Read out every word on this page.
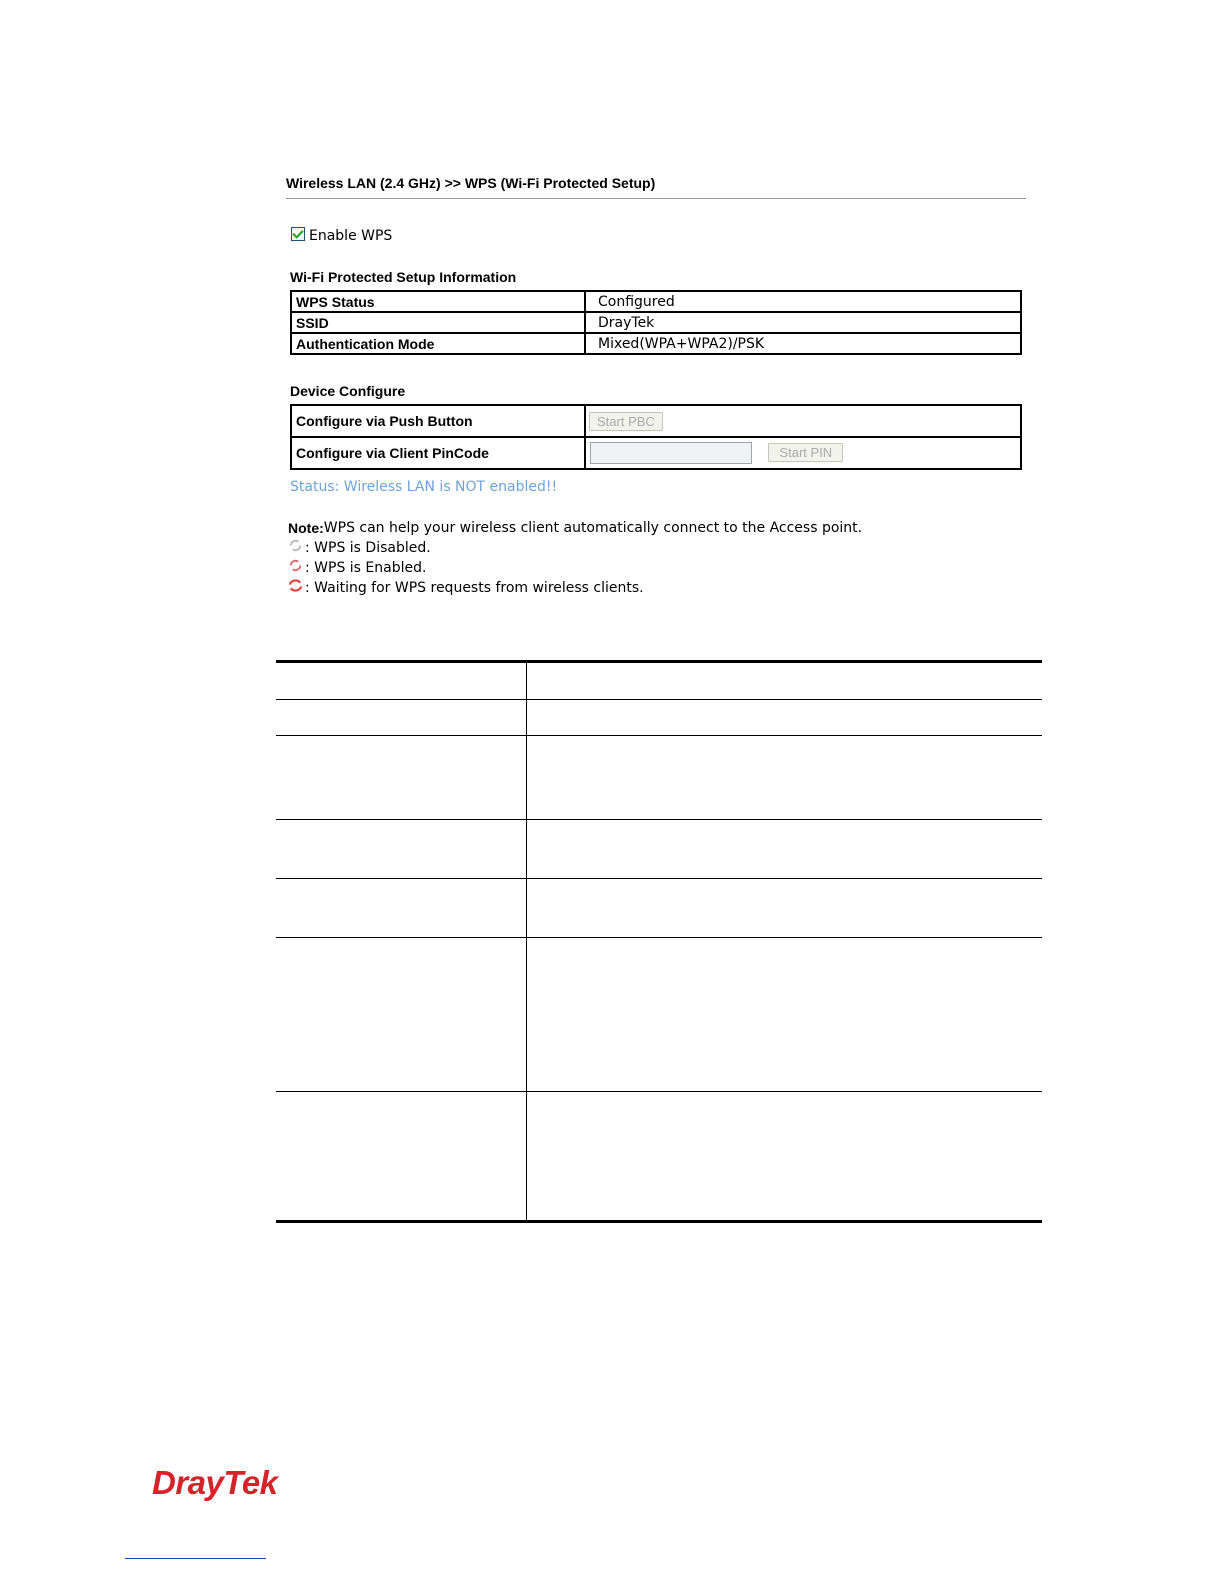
Wireless LAN (2.4 GHz) >> WPS (Wi-Fi Protected Setup)
Enable WPS
Wi-Fi Protected Setup Information
WPS Status	Configured
SSID	DrayTek
Authentication Mode	Mixed(WPA+WPA2)/PSK
Device Configure
Configure via Push Button	Start PBC
Configure via Client PinCode	Start PIN
Status: Wireless LAN is NOT enabled!!
Note: WPS can help your wireless client automatically connect to the Access point.
: WPS is Disabled.
: WPS is Enabled.
: Waiting for WPS requests from wireless clients.

DrayTek
